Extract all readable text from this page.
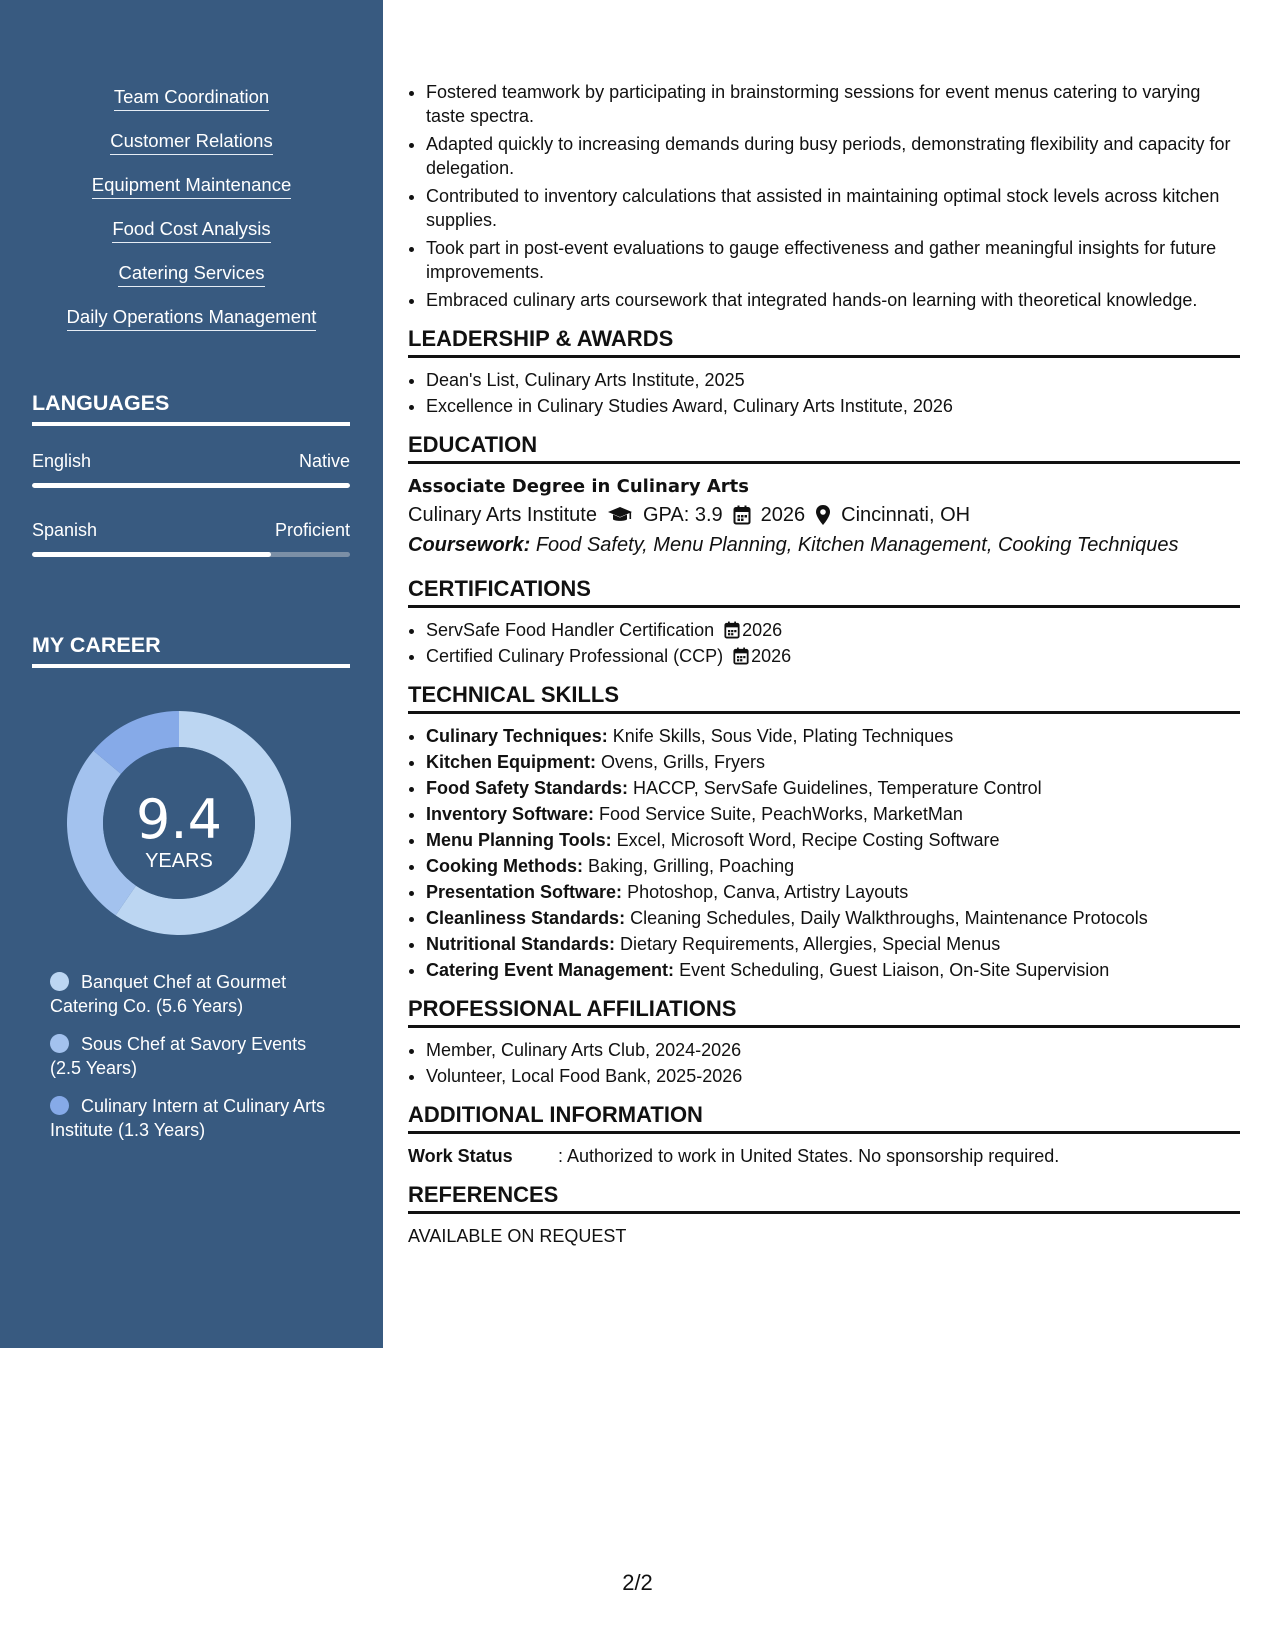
Team Coordination
Customer Relations
Equipment Maintenance
Food Cost Analysis
Catering Services
Daily Operations Management
LANGUAGES
English	Native
Spanish	Proficient
MY CAREER
9.4
YEARS
Banquet Chef at Gourmet Catering Co. (5.6 Years)
Sous Chef at Savory Events (2.5 Years)
Culinary Intern at Culinary Arts Institute (1.3 Years)
• Fostered teamwork by participating in brainstorming sessions for event menus catering to varying taste spectra.
• Adapted quickly to increasing demands during busy periods, demonstrating flexibility and capacity for delegation.
• Contributed to inventory calculations that assisted in maintaining optimal stock levels across kitchen supplies.
• Took part in post-event evaluations to gauge effectiveness and gather meaningful insights for future improvements.
• Embraced culinary arts coursework that integrated hands-on learning with theoretical knowledge.
LEADERSHIP & AWARDS
• Dean's List, Culinary Arts Institute, 2025
• Excellence in Culinary Studies Award, Culinary Arts Institute, 2026
EDUCATION
Associate Degree in Culinary Arts
Culinary Arts Institute GPA: 3.9 2026 Cincinnati, OH
Coursework: Food Safety, Menu Planning, Kitchen Management, Cooking Techniques
CERTIFICATIONS
• ServSafe Food Handler Certification 2026
• Certified Culinary Professional (CCP) 2026
TECHNICAL SKILLS
• Culinary Techniques: Knife Skills, Sous Vide, Plating Techniques
• Kitchen Equipment: Ovens, Grills, Fryers
• Food Safety Standards: HACCP, ServSafe Guidelines, Temperature Control
• Inventory Software: Food Service Suite, PeachWorks, MarketMan
• Menu Planning Tools: Excel, Microsoft Word, Recipe Costing Software
• Cooking Methods: Baking, Grilling, Poaching
• Presentation Software: Photoshop, Canva, Artistry Layouts
• Cleanliness Standards: Cleaning Schedules, Daily Walkthroughs, Maintenance Protocols
• Nutritional Standards: Dietary Requirements, Allergies, Special Menus
• Catering Event Management: Event Scheduling, Guest Liaison, On-Site Supervision
PROFESSIONAL AFFILIATIONS
• Member, Culinary Arts Club, 2024-2026
• Volunteer, Local Food Bank, 2025-2026
ADDITIONAL INFORMATION
Work Status	: Authorized to work in United States. No sponsorship required.
REFERENCES
AVAILABLE ON REQUEST
2/2
